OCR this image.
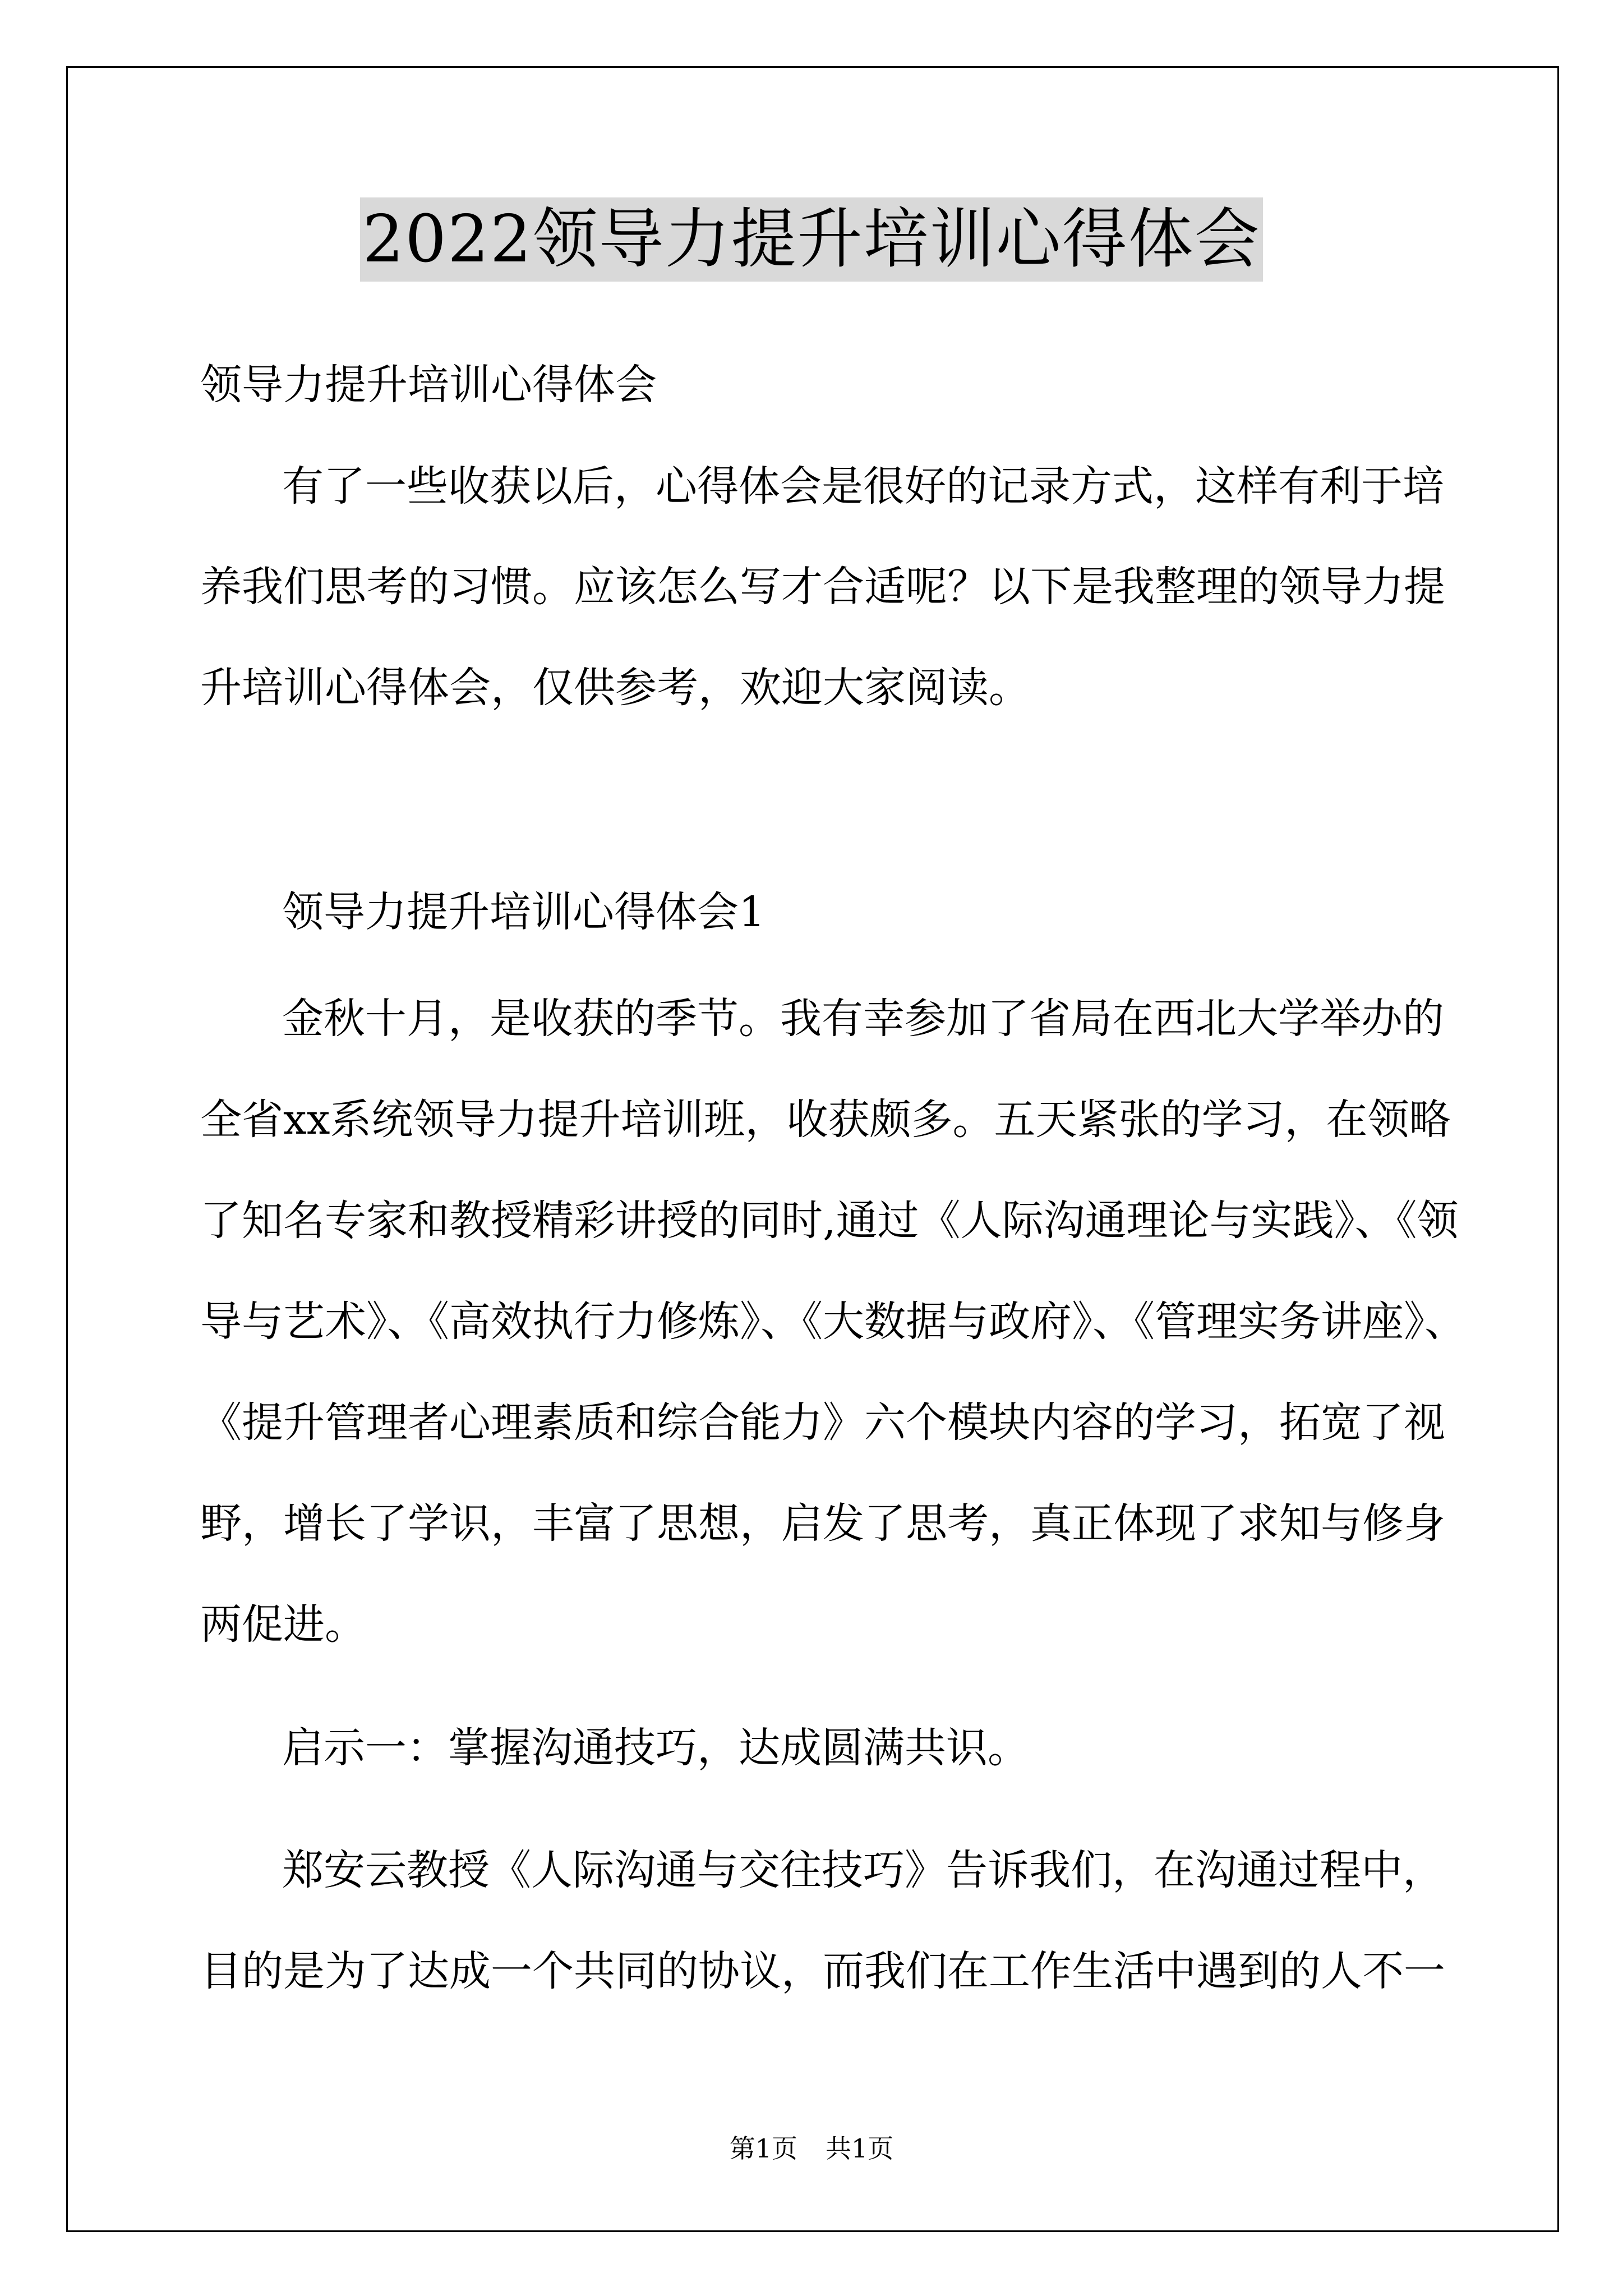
2022领导力提升培训心得体会
领导力提升培训心得体会
有了一些收获以后，心得体会是很好的记录方式，这样有利于培
养我们思考的习惯。应该怎么写才合适呢？以下是我整理的领导力提
升培训心得体会，仅供参考，欢迎大家阅读。
领导力提升培训心得体会1
金秋十月，是收获的季节。我有幸参加了省局在西北大学举办的
全省xx系统领导力提升培训班，收获颇多。五天紧张的学习，在领略
了知名专家和教授精彩讲授的同时,通过《人际沟通理论与实践》、《领
导与艺术》、《高效执行力修炼》、《大数据与政府》、《管理实务讲座》、
《提升管理者心理素质和综合能力》六个模块内容的学习，拓宽了视
野，增长了学识，丰富了思想，启发了思考，真正体现了求知与修身
两促进。
启示一：掌握沟通技巧，达成圆满共识。
郑安云教授《人际沟通与交往技巧》告诉我们，在沟通过程中，
目的是为了达成一个共同的协议，而我们在工作生活中遇到的人不一
第1页 共1页
